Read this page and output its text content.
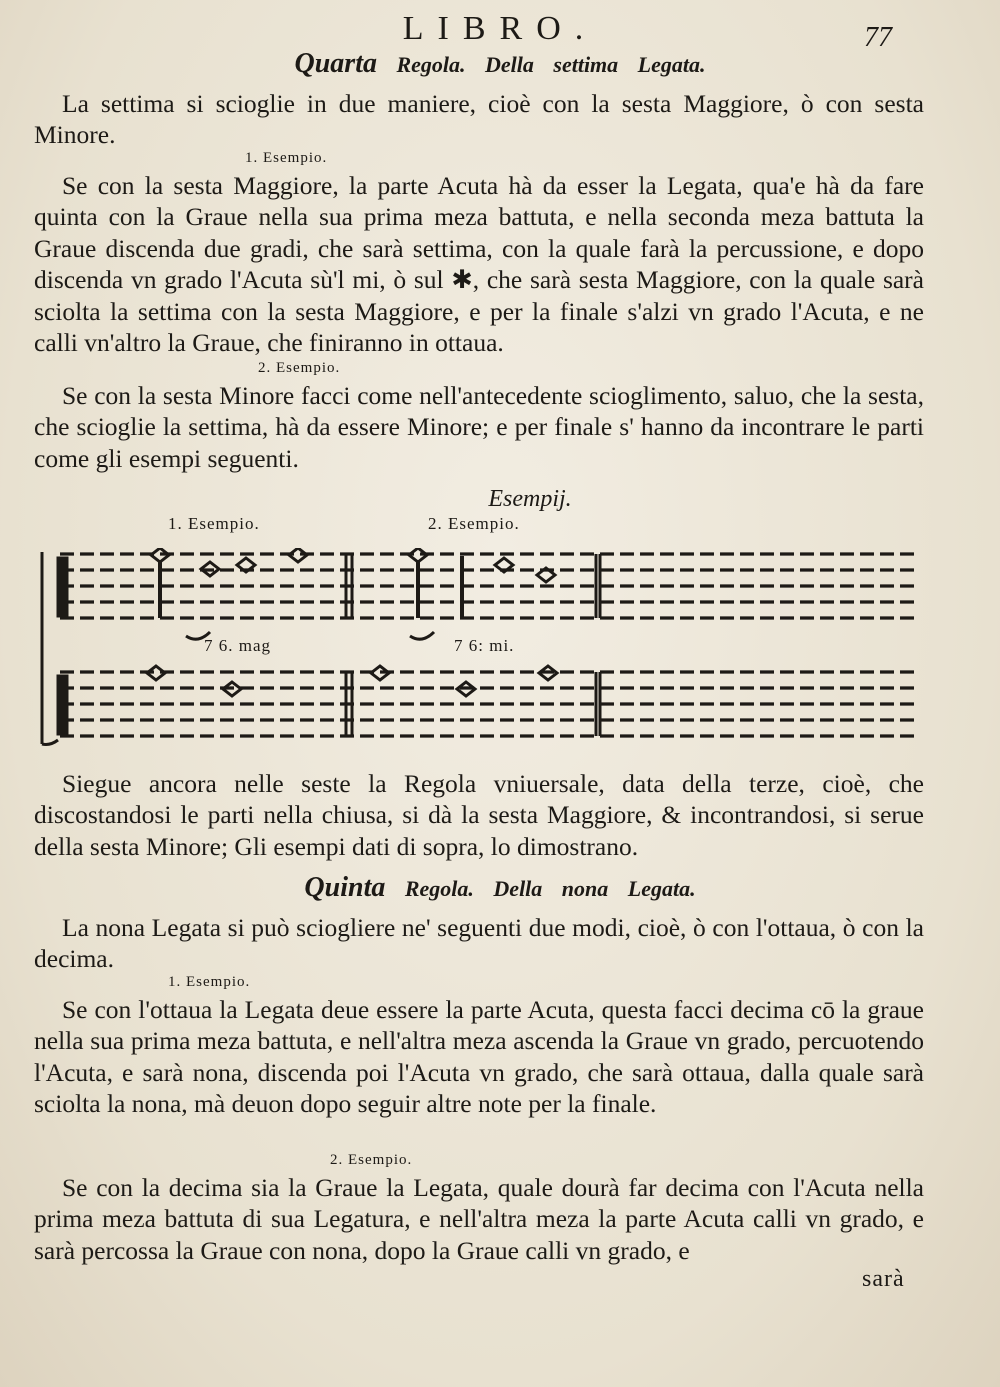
LIBRO.	77
Quarta Regola. Della settima Legata.
La settima si scioglie in due maniere, cioè con la sesta Maggiore, ò con sesta Minore.
1. Esempio.
Se con la sesta Maggiore, la parte Acuta hà da esser la Legata, qua'e hà da fare quinta con la Graue nella sua prima meza battuta, e nella seconda meza battuta la Graue discenda due gradi, che sarà settima, con la quale farà la percussione, e dopo discenda vn grado l'Acuta sù'l mi, ò sul ✱, che sarà sesta Maggiore, con la quale sarà sciolta la settima con la sesta Maggiore, e per la finale s'alzi vn grado l'Acuta, e ne calli vn'altro la Graue, che finiranno in ottaua.
2. Esempio.
Se con la sesta Minore facci come nell'antecedente scioglimento, saluo, che la sesta, che scioglie la settima, hà da essere Minore; e per finale s' hanno da incontrare le parti come gli esempi seguenti.
Esempij.
1. Esempio.	2. Esempio.
7 6. mag	7 6: mi.
Siegue ancora nelle seste la Regola vniuersale, data della terze, cioè, che discostandosi le parti nella chiusa, si dà la sesta Maggiore, & incontrandosi, si serue della sesta Minore; Gli esempi dati di sopra, lo dimostrano.
Quinta Regola. Della nona Legata.
La nona Legata si può sciogliere ne' seguenti due modi, cioè, ò con l'ottaua, ò con la decima.
1. Esempio.
Se con l'ottaua la Legata deue essere la parte Acuta, questa facci decima cō la graue nella sua prima meza battuta, e nell'altra meza ascenda la Graue vn grado, percuotendo l'Acuta, e sarà nona, discenda poi l'Acuta vn grado, che sarà ottaua, dalla quale sarà sciolta la nona, mà deuon dopo seguir altre note per la finale.
2. Esempio.
Se con la decima sia la Graue la Legata, quale dourà far decima con l'Acuta nella prima meza battuta di sua Legatura, e nell'altra meza la parte Acuta calli vn grado, e sarà percossa la Graue con nona, dopo la Graue calli vn grado, e
sarà
